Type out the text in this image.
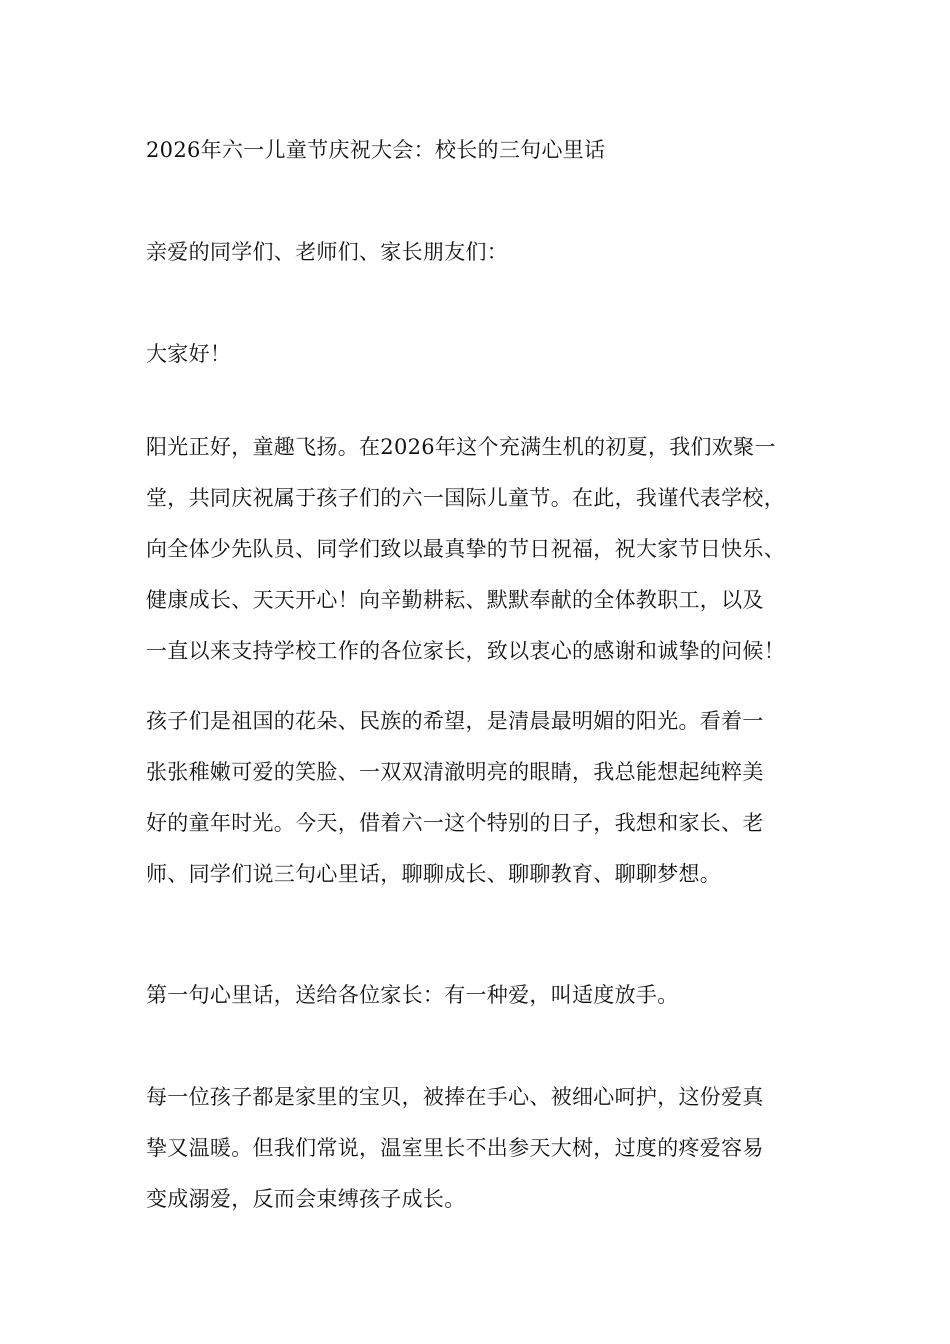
2026年六一儿童节庆祝大会：校长的三句心里话

亲爱的同学们、老师们、家长朋友们：

大家好！

阳光正好，童趣飞扬。在2026年这个充满生机的初夏，我们欢聚一
堂，共同庆祝属于孩子们的六一国际儿童节。在此，我谨代表学校，
向全体少先队员、同学们致以最真挚的节日祝福，祝大家节日快乐、
健康成长、天天开心！向辛勤耕耘、默默奉献的全体教职工，以及
一直以来支持学校工作的各位家长，致以衷心的感谢和诚挚的问候！

孩子们是祖国的花朵、民族的希望，是清晨最明媚的阳光。看着一
张张稚嫩可爱的笑脸、一双双清澈明亮的眼睛，我总能想起纯粹美
好的童年时光。今天，借着六一这个特别的日子，我想和家长、老
师、同学们说三句心里话，聊聊成长、聊聊教育、聊聊梦想。

第一句心里话，送给各位家长：有一种爱，叫适度放手。

每一位孩子都是家里的宝贝，被捧在手心、被细心呵护，这份爱真
挚又温暖。但我们常说，温室里长不出参天大树，过度的疼爱容易
变成溺爱，反而会束缚孩子成长。
